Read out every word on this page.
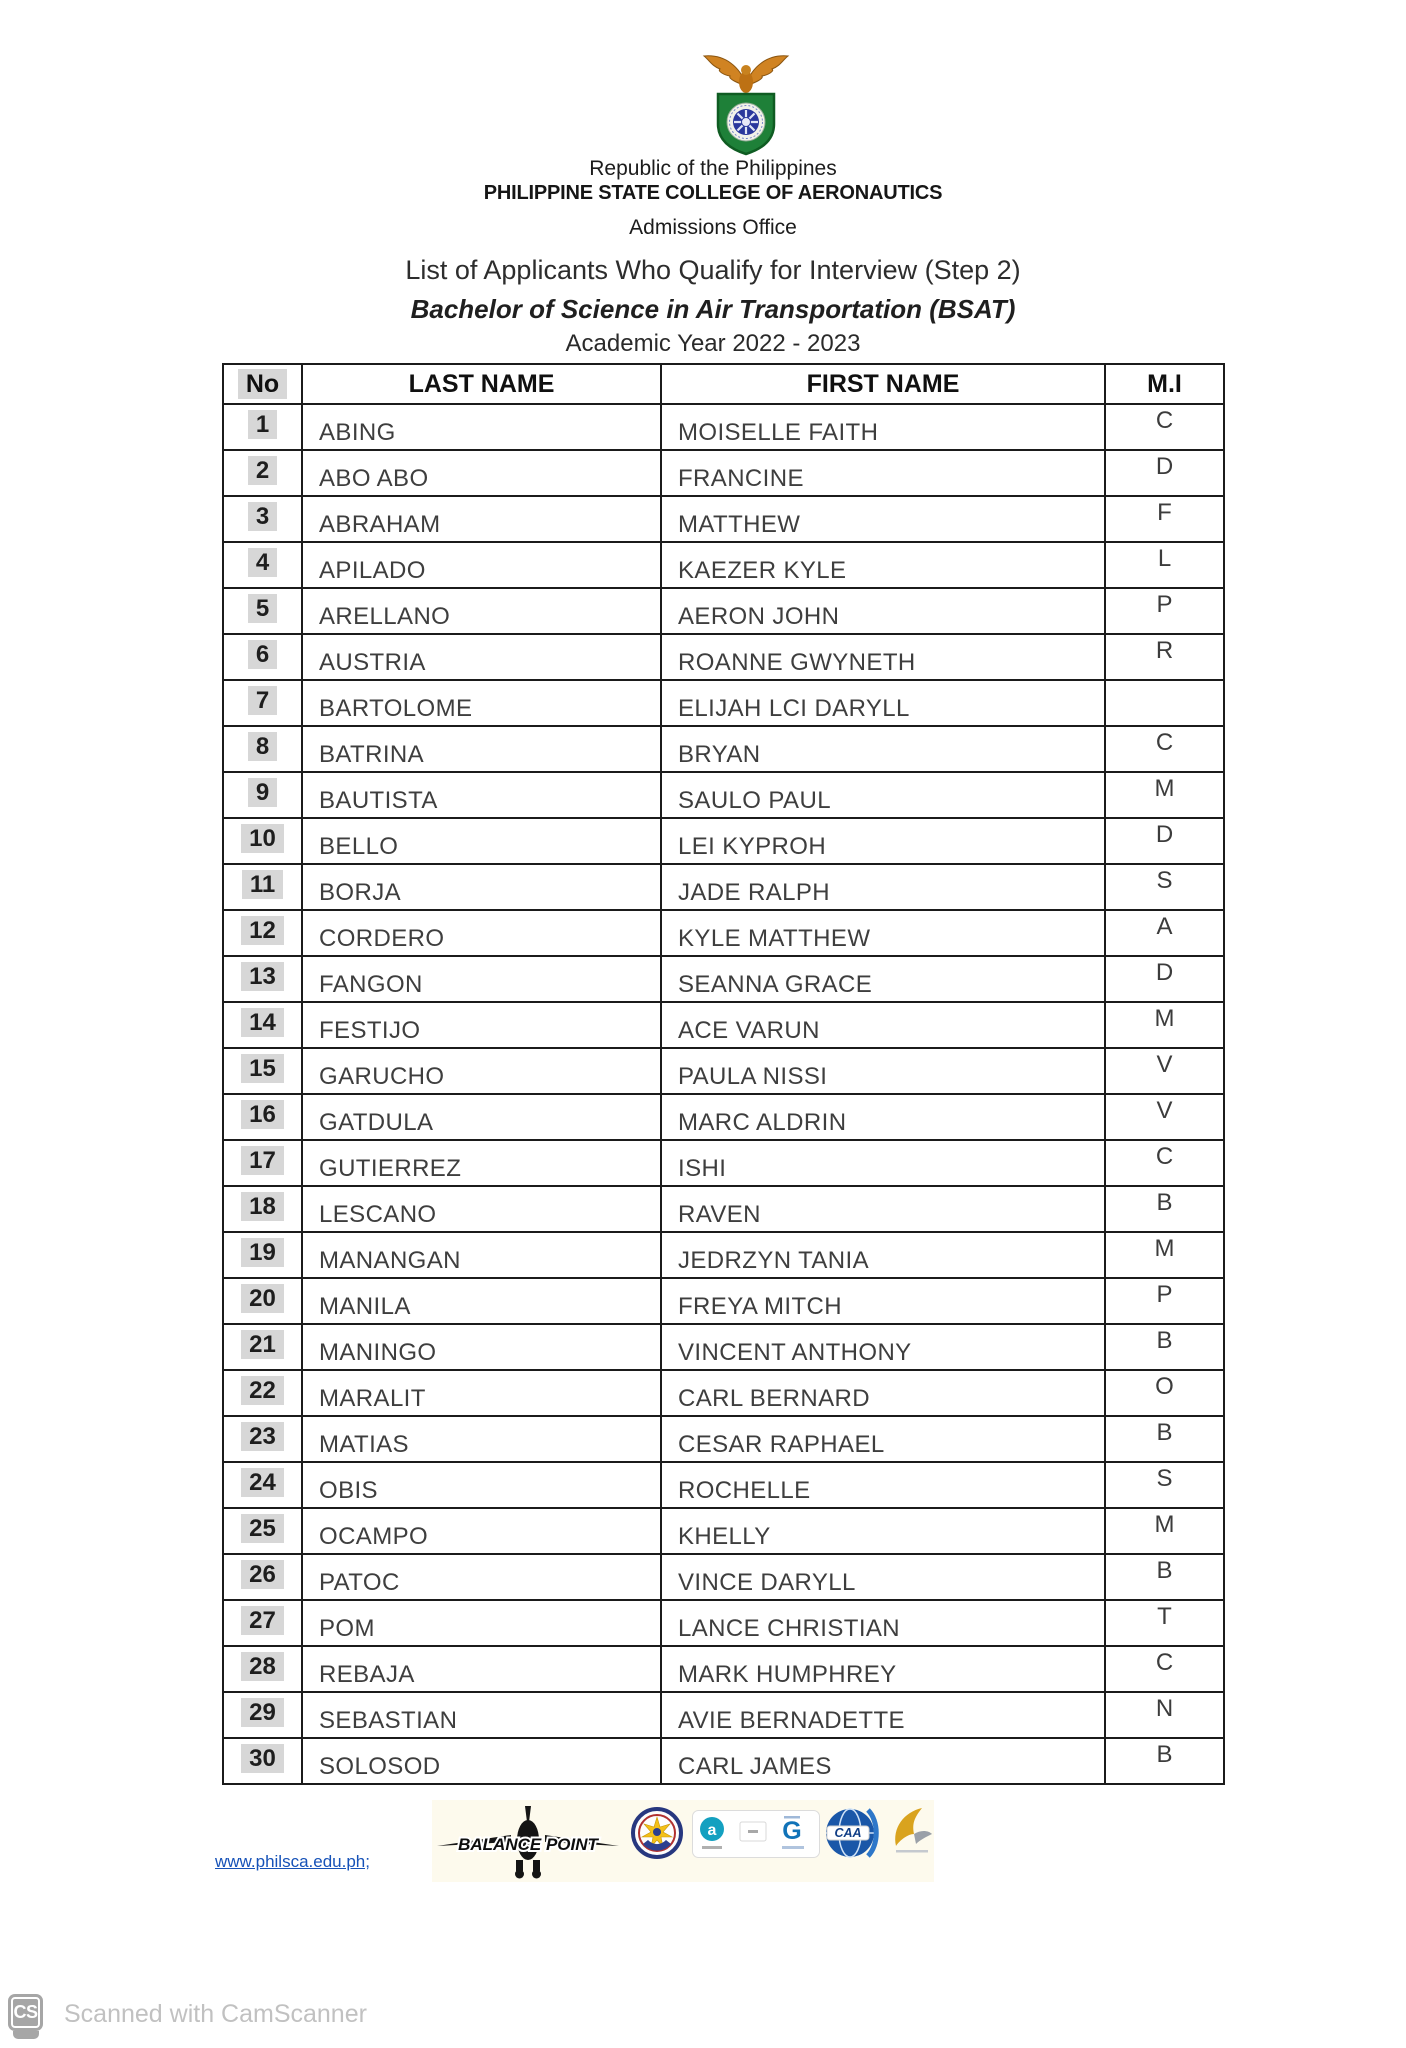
Republic of the Philippines
PHILIPPINE STATE COLLEGE OF AERONAUTICS
Admissions Office
List of Applicants Who Qualify for Interview (Step 2)
Bachelor of Science in Air Transportation (BSAT)
Academic Year 2022 - 2023
No	LAST NAME	FIRST NAME	M.I
1	ABING	MOISELLE FAITH	C
2	ABO ABO	FRANCINE	D
3	ABRAHAM	MATTHEW	F
4	APILADO	KAEZER KYLE	L
5	ARELLANO	AERON JOHN	P
6	AUSTRIA	ROANNE GWYNETH	R
7	BARTOLOME	ELIJAH LCI DARYLL	
8	BATRINA	BRYAN	C
9	BAUTISTA	SAULO PAUL	M
10	BELLO	LEI KYPROH	D
11	BORJA	JADE RALPH	S
12	CORDERO	KYLE MATTHEW	A
13	FANGON	SEANNA GRACE	D
14	FESTIJO	ACE VARUN	M
15	GARUCHO	PAULA NISSI	V
16	GATDULA	MARC ALDRIN	V
17	GUTIERREZ	ISHI	C
18	LESCANO	RAVEN	B
19	MANANGAN	JEDRZYN TANIA	M
20	MANILA	FREYA MITCH	P
21	MANINGO	VINCENT ANTHONY	B
22	MARALIT	CARL BERNARD	O
23	MATIAS	CESAR RAPHAEL	B
24	OBIS	ROCHELLE	S
25	OCAMPO	KHELLY	M
26	PATOC	VINCE DARYLL	B
27	POM	LANCE CHRISTIAN	T
28	REBAJA	MARK HUMPHREY	C
29	SEBASTIAN	AVIE BERNADETTE	N
30	SOLOSOD	CARL JAMES	B
BALANCE POINT
a	G	CAA
www.philsca.edu.ph;
CS Scanned with CamScanner
